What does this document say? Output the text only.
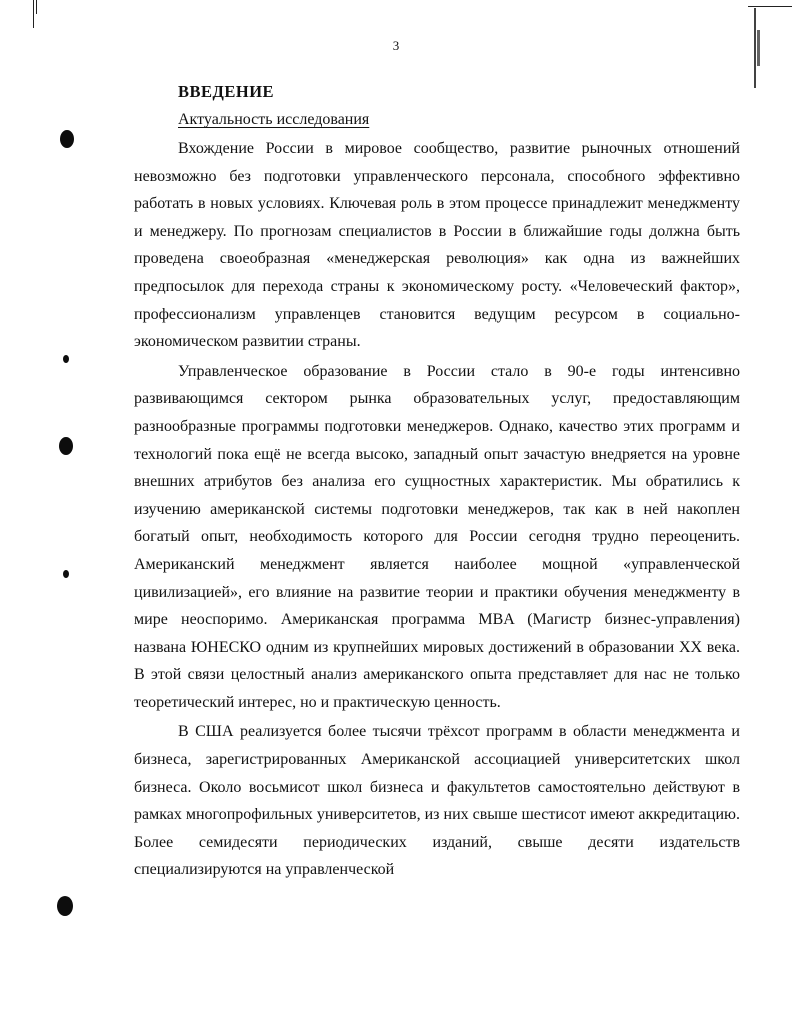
3
ВВЕДЕНИЕ
Актуальность исследования

Вхождение России в мировое сообщество, развитие рыночных отношений невозможно без подготовки управленческого персонала, способного эффективно работать в новых условиях. Ключевая роль в этом процессе принадлежит менеджменту и менеджеру. По прогнозам специалистов в России в ближайшие годы должна быть проведена своеобразная «менеджерская революция» как одна из важнейших предпосылок для перехода страны к экономическому росту. «Человеческий фактор», профессионализм управленцев становится ведущим ресурсом в социально-экономическом развитии страны.

Управленческое образование в России стало в 90-е годы интенсивно развивающимся сектором рынка образовательных услуг, предоставляющим разнообразные программы подготовки менеджеров. Однако, качество этих программ и технологий пока ещё не всегда высоко, западный опыт зачастую внедряется на уровне внешних атрибутов без анализа его сущностных характеристик. Мы обратились к изучению американской системы подготовки менеджеров, так как в ней накоплен богатый опыт, необходимость которого для России сегодня трудно переоценить. Американский менеджмент является наиболее мощной «управленческой цивилизацией», его влияние на развитие теории и практики обучения менеджменту в мире неоспоримо. Американская программа MBA (Магистр бизнес-управления) названа ЮНЕСКО одним из крупнейших мировых достижений в образовании XX века. В этой связи целостный анализ американского опыта представляет для нас не только теоретический интерес, но и практическую ценность.

В США реализуется более тысячи трёхсот программ в области менеджмента и бизнеса, зарегистрированных Американской ассоциацией университетских школ бизнеса. Около восьмисот школ бизнеса и факультетов самостоятельно действуют в рамках многопрофильных университетов, из них свыше шестисот имеют аккредитацию. Более семидесяти периодических изданий, свыше десяти издательств специализируются на управленческой
